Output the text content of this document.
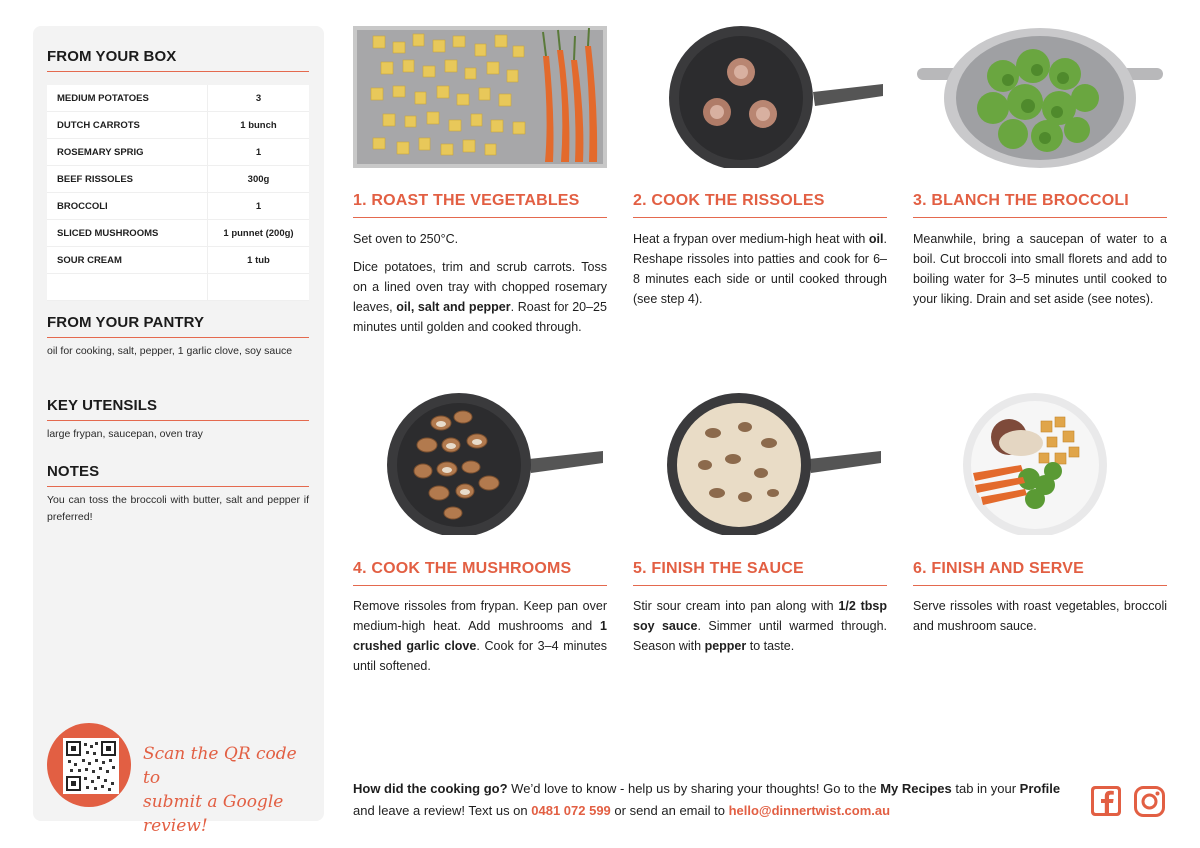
FROM YOUR BOX
MEDIUM POTATOES	3
DUTCH CARROTS	1 bunch
ROSEMARY SPRIG	1
BEEF RISSOLES	300g
BROCCOLI	1
SLICED MUSHROOMS	1 punnet (200g)
SOUR CREAM	1 tub

FROM YOUR PANTRY

oil for cooking, salt, pepper, 1 garlic clove, soy sauce

KEY UTENSILS

large frypan, saucepan, oven tray

NOTES

You can toss the broccoli with butter, salt and pepper if preferred!

Scan the QR code to
submit a Google review!
1. ROAST THE VEGETABLES

Set oven to 250°C.

Dice potatoes, trim and scrub carrots. Toss on a lined oven tray with chopped rosemary leaves, oil, salt and pepper. Roast for 20–25 minutes until golden and cooked through.

2. COOK THE RISSOLES

Heat a frypan over medium-high heat with oil. Reshape rissoles into patties and cook for 6–8 minutes each side or until cooked through (see step 4).

3. BLANCH THE BROCCOLI

Meanwhile, bring a saucepan of water to a boil. Cut broccoli into small florets and add to boiling water for 3–5 minutes until cooked to your liking. Drain and set aside (see notes).

4. COOK THE MUSHROOMS

Remove rissoles from frypan. Keep pan over medium-high heat. Add mushrooms and 1 crushed garlic clove. Cook for 3–4 minutes until softened.

5. FINISH THE SAUCE

Stir sour cream into pan along with 1/2 tbsp soy sauce. Simmer until warmed through. Season with pepper to taste.

6. FINISH AND SERVE

Serve rissoles with roast vegetables, broccoli and mushroom sauce.

How did the cooking go? We’d love to know - help us by sharing your thoughts! Go to the My Recipes tab in your Profile and leave a review! Text us on 0481 072 599 or send an email to hello@dinnertwist.com.au
